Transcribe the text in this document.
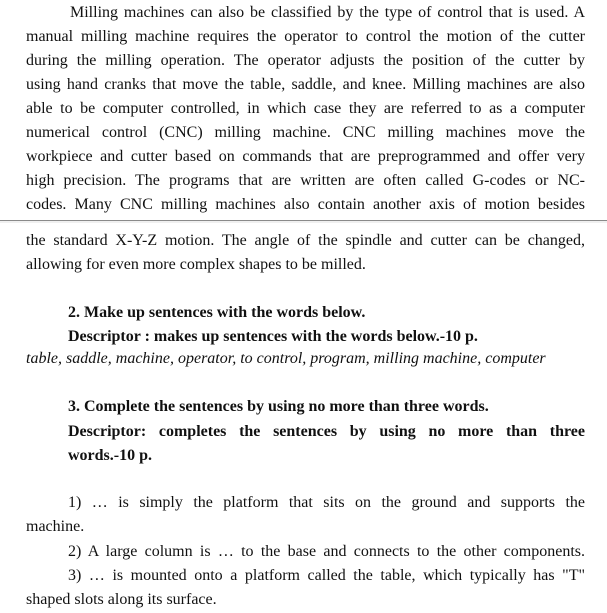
Milling machines can also be classified by the type of control that is used. A
manual milling machine requires the operator to control the motion of the cutter
during the milling operation. The operator adjusts the position of the cutter by
using hand cranks that move the table, saddle, and knee. Milling machines are also
able to be computer controlled, in which case they are referred to as a computer
numerical control (CNC) milling machine. CNC milling machines move the
workpiece and cutter based on commands that are preprogrammed and offer very
high precision. The programs that are written are often called G-codes or NC-
codes. Many CNC milling machines also contain another axis of motion besides
the standard X-Y-Z motion. The angle of the spindle and cutter can be changed,
allowing for even more complex shapes to be milled.
2. Make up sentences with the words below.
Descriptor : makes up sentences with the words below.-10 p.
table, saddle, machine, operator, to control, program, milling machine, computer
3. Complete the sentences by using no more than three words.
Descriptor: completes the sentences by using no more than three
words.-10 p.
1) … is simply the platform that sits on the ground and supports the
machine.
2) A large column is … to the base and connects to the other components.
3) … is mounted onto a platform called the table, which typically has "T"
shaped slots along its surface.
